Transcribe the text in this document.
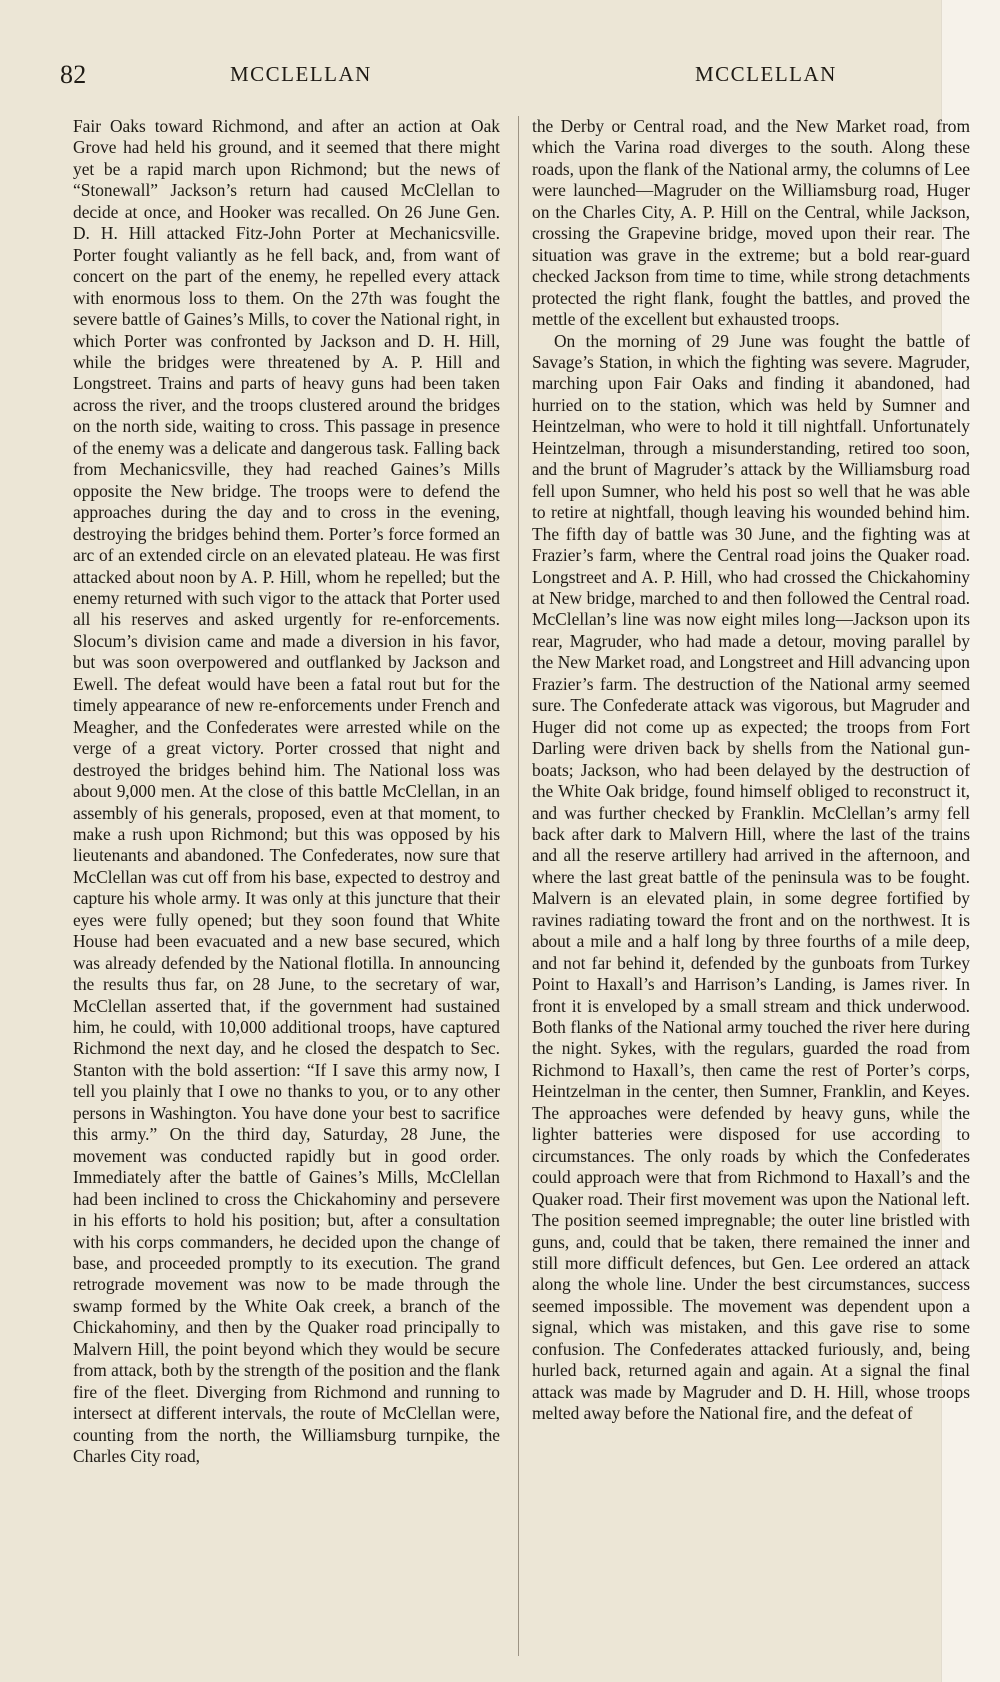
82	MCCLELLAN	MCCLELLAN

Fair Oaks toward Richmond, and after an action at Oak Grove had held his ground, and it seemed that there might yet be a rapid march upon Richmond; but the news of “Stonewall” Jackson’s return had caused McClellan to decide at once, and Hooker was recalled. On 26 June Gen. D. H. Hill attacked Fitz-John Porter at Mechanicsville. Porter fought valiantly as he fell back, and, from want of concert on the part of the enemy, he repelled every attack with enormous loss to them. On the 27th was fought the severe battle of Gaines’s Mills, to cover the National right, in which Porter was confronted by Jackson and D. H. Hill, while the bridges were threatened by A. P. Hill and Longstreet. Trains and parts of heavy guns had been taken across the river, and the troops clustered around the bridges on the north side, waiting to cross. This passage in presence of the enemy was a delicate and dangerous task. Falling back from Mechanicsville, they had reached Gaines’s Mills opposite the New bridge. The troops were to defend the approaches during the day and to cross in the evening, destroying the bridges behind them. Porter’s force formed an arc of an extended circle on an elevated plateau. He was first attacked about noon by A. P. Hill, whom he repelled; but the enemy returned with such vigor to the attack that Porter used all his reserves and asked urgently for re-enforcements. Slocum’s division came and made a diversion in his favor, but was soon overpowered and outflanked by Jackson and Ewell. The defeat would have been a fatal rout but for the timely appearance of new re-enforcements under French and Meagher, and the Confederates were arrested while on the verge of a great victory. Porter crossed that night and destroyed the bridges behind him. The National loss was about 9,000 men. At the close of this battle McClellan, in an assembly of his generals, proposed, even at that moment, to make a rush upon Richmond; but this was opposed by his lieutenants and abandoned. The Confederates, now sure that McClellan was cut off from his base, expected to destroy and capture his whole army. It was only at this juncture that their eyes were fully opened; but they soon found that White House had been evacuated and a new base secured, which was already defended by the National flotilla. In announcing the results thus far, on 28 June, to the secretary of war, McClellan asserted that, if the government had sustained him, he could, with 10,000 additional troops, have captured Richmond the next day, and he closed the despatch to Sec. Stanton with the bold assertion: “If I save this army now, I tell you plainly that I owe no thanks to you, or to any other persons in Washington. You have done your best to sacrifice this army.” On the third day, Saturday, 28 June, the movement was conducted rapidly but in good order. Immediately after the battle of Gaines’s Mills, McClellan had been inclined to cross the Chickahominy and persevere in his efforts to hold his position; but, after a consultation with his corps commanders, he decided upon the change of base, and proceeded promptly to its execution. The grand retrograde movement was now to be made through the swamp formed by the White Oak creek, a branch of the Chickahominy, and then by the Quaker road principally to Malvern Hill, the point beyond which they would be secure from attack, both by the strength of the position and the flank fire of the fleet. Diverging from Richmond and running to intersect at different intervals, the route of McClellan were, counting from the north, the Williamsburg turnpike, the Charles City road,

the Derby or Central road, and the New Market road, from which the Varina road diverges to the south. Along these roads, upon the flank of the National army, the columns of Lee were launched—Magruder on the Williamsburg road, Huger on the Charles City, A. P. Hill on the Central, while Jackson, crossing the Grapevine bridge, moved upon their rear. The situation was grave in the extreme; but a bold rear-guard checked Jackson from time to time, while strong detachments protected the right flank, fought the battles, and proved the mettle of the excellent but exhausted troops.

On the morning of 29 June was fought the battle of Savage’s Station, in which the fighting was severe. Magruder, marching upon Fair Oaks and finding it abandoned, had hurried on to the station, which was held by Sumner and Heintzelman, who were to hold it till nightfall. Unfortunately Heintzelman, through a misunderstanding, retired too soon, and the brunt of Magruder’s attack by the Williamsburg road fell upon Sumner, who held his post so well that he was able to retire at nightfall, though leaving his wounded behind him. The fifth day of battle was 30 June, and the fighting was at Frazier’s farm, where the Central road joins the Quaker road. Longstreet and A. P. Hill, who had crossed the Chickahominy at New bridge, marched to and then followed the Central road. McClellan’s line was now eight miles long—Jackson upon its rear, Magruder, who had made a detour, moving parallel by the New Market road, and Longstreet and Hill advancing upon Frazier’s farm. The destruction of the National army seemed sure. The Confederate attack was vigorous, but Magruder and Huger did not come up as expected; the troops from Fort Darling were driven back by shells from the National gun-boats; Jackson, who had been delayed by the destruction of the White Oak bridge, found himself obliged to reconstruct it, and was further checked by Franklin. McClellan’s army fell back after dark to Malvern Hill, where the last of the trains and all the reserve artillery had arrived in the afternoon, and where the last great battle of the peninsula was to be fought. Malvern is an elevated plain, in some degree fortified by ravines radiating toward the front and on the northwest. It is about a mile and a half long by three fourths of a mile deep, and not far behind it, defended by the gunboats from Turkey Point to Haxall’s and Harrison’s Landing, is James river. In front it is enveloped by a small stream and thick underwood. Both flanks of the National army touched the river here during the night. Sykes, with the regulars, guarded the road from Richmond to Haxall’s, then came the rest of Porter’s corps, Heintzelman in the center, then Sumner, Franklin, and Keyes. The approaches were defended by heavy guns, while the lighter batteries were disposed for use according to circumstances. The only roads by which the Confederates could approach were that from Richmond to Haxall’s and the Quaker road. Their first movement was upon the National left. The position seemed impregnable; the outer line bristled with guns, and, could that be taken, there remained the inner and still more difficult defences, but Gen. Lee ordered an attack along the whole line. Under the best circumstances, success seemed impossible. The movement was dependent upon a signal, which was mistaken, and this gave rise to some confusion. The Confederates attacked furiously, and, being hurled back, returned again and again. At a signal the final attack was made by Magruder and D. H. Hill, whose troops melted away before the National fire, and the defeat of
